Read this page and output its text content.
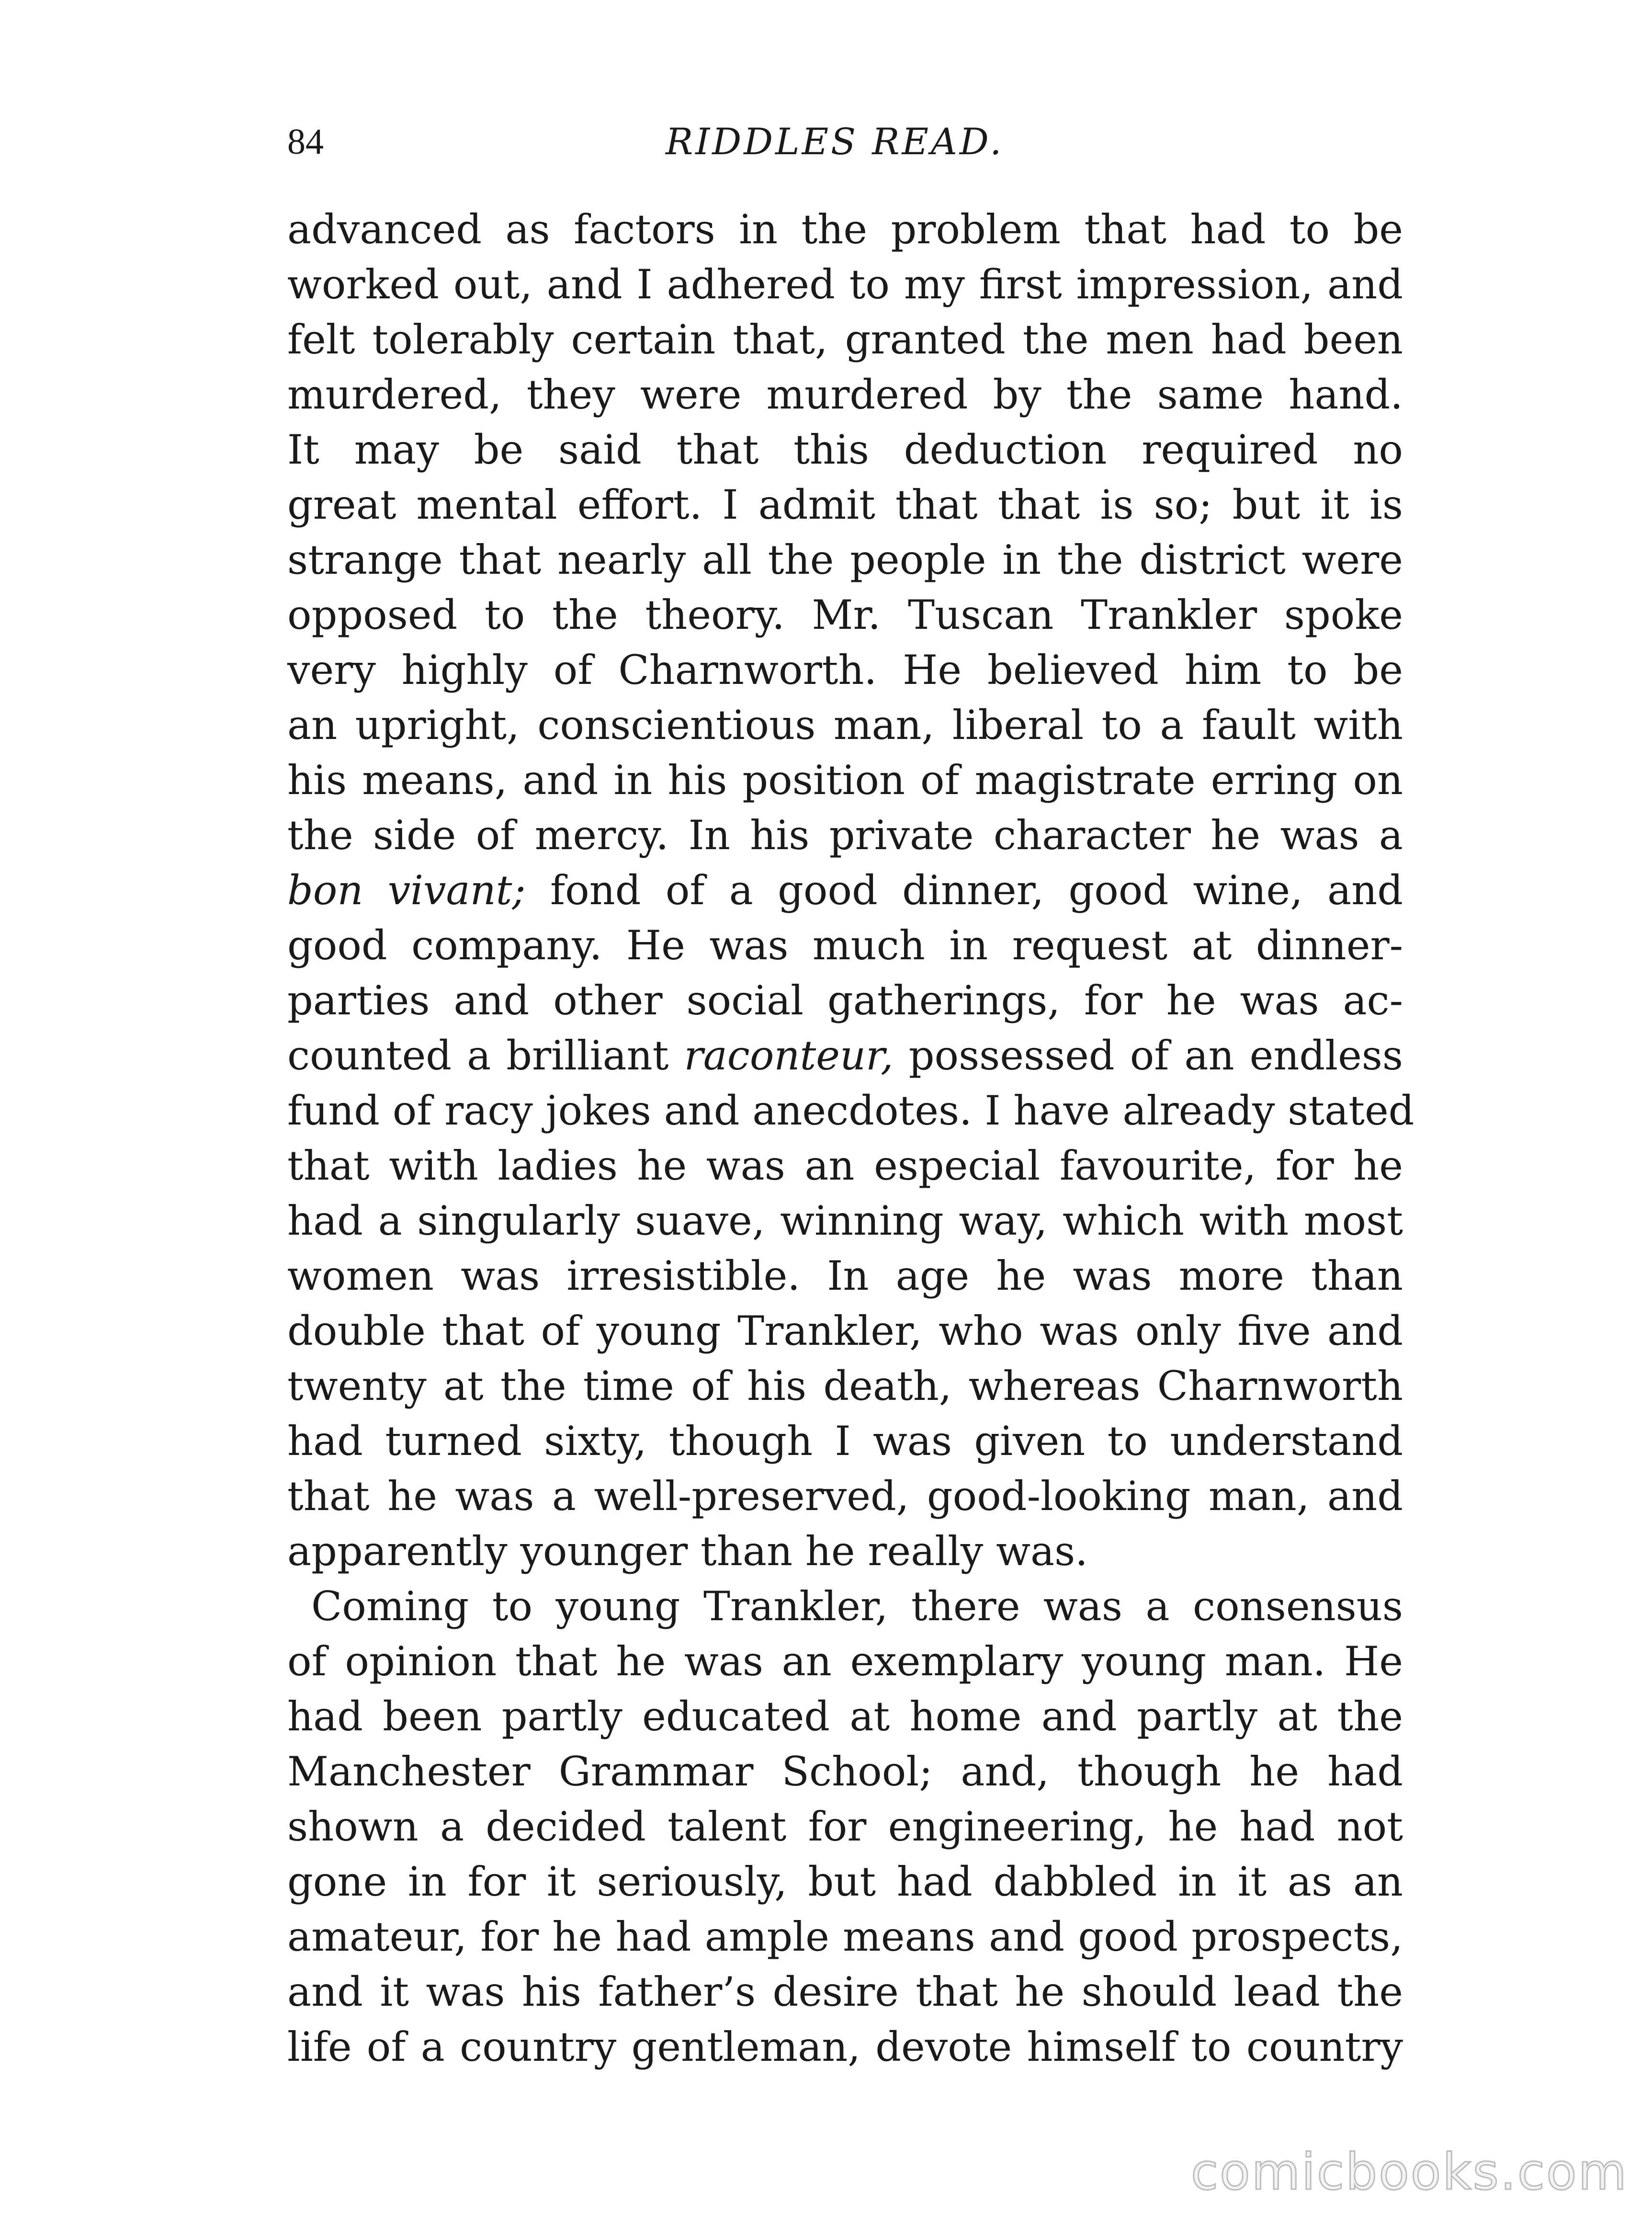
84	RIDDLES READ.
advanced as factors in the problem that had to be
worked out, and I adhered to my first impression, and
felt tolerably certain that, granted the men had been
murdered, they were murdered by the same hand.
It may be said that this deduction required no
great mental effort. I admit that that is so; but it is
strange that nearly all the people in the district were
opposed to the theory. Mr. Tuscan Trankler spoke
very highly of Charnworth. He believed him to be
an upright, conscientious man, liberal to a fault with
his means, and in his position of magistrate erring on
the side of mercy. In his private character he was a
bon vivant; fond of a good dinner, good wine, and
good company. He was much in request at dinner-
parties and other social gatherings, for he was ac-
counted a brilliant raconteur, possessed of an endless
fund of racy jokes and anecdotes. I have already stated
that with ladies he was an especial favourite, for he
had a singularly suave, winning way, which with most
women was irresistible. In age he was more than
double that of young Trankler, who was only five and
twenty at the time of his death, whereas Charnworth
had turned sixty, though I was given to understand
that he was a well-preserved, good-looking man, and
apparently younger than he really was.
Coming to young Trankler, there was a consensus
of opinion that he was an exemplary young man. He
had been partly educated at home and partly at the
Manchester Grammar School; and, though he had
shown a decided talent for engineering, he had not
gone in for it seriously, but had dabbled in it as an
amateur, for he had ample means and good prospects,
and it was his father’s desire that he should lead the
life of a country gentleman, devote himself to country
comicbooks.com
